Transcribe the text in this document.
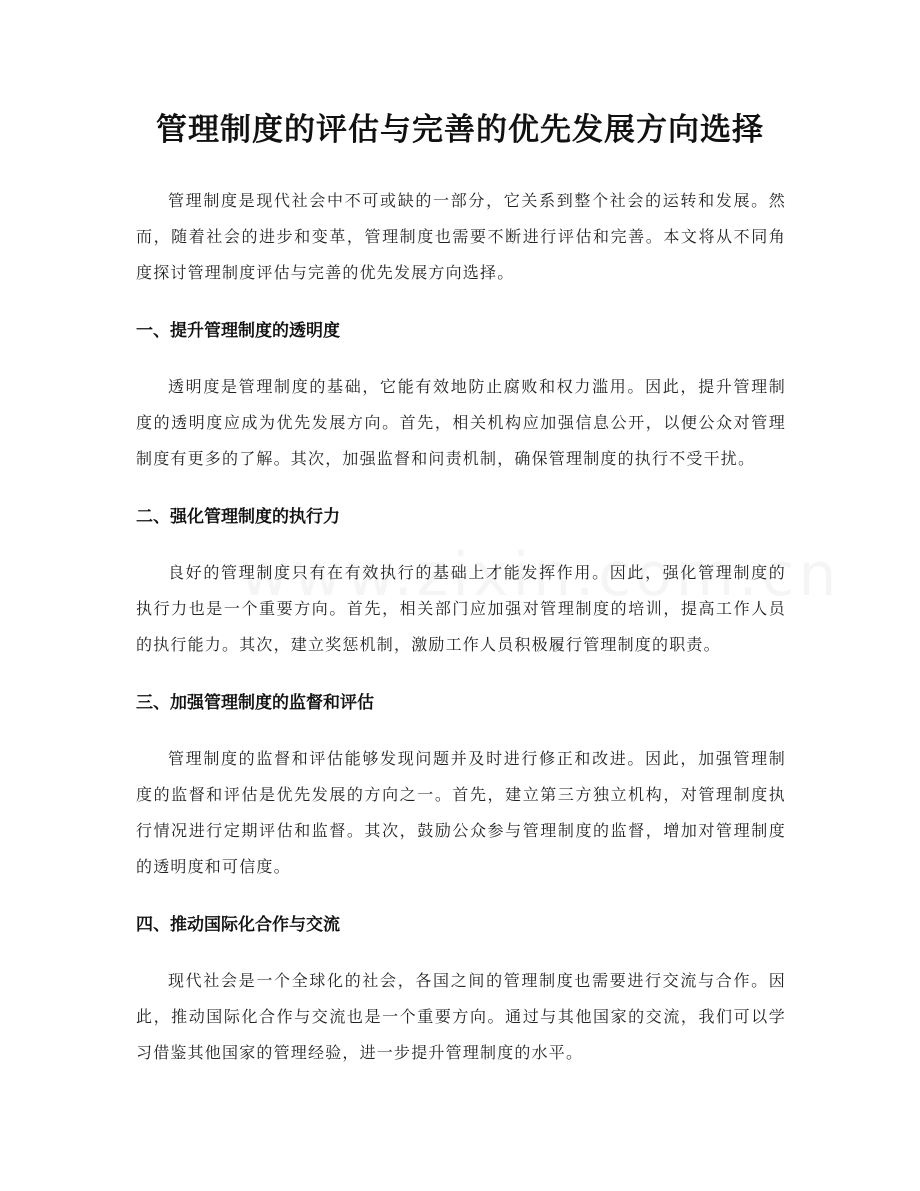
管理制度的评估与完善的优先发展方向选择

管理制度是现代社会中不可或缺的一部分，它关系到整个社会的运转和发展。然而，随着社会的进步和变革，管理制度也需要不断进行评估和完善。本文将从不同角度探讨管理制度评估与完善的优先发展方向选择。

一、提升管理制度的透明度

透明度是管理制度的基础，它能有效地防止腐败和权力滥用。因此，提升管理制度的透明度应成为优先发展方向。首先，相关机构应加强信息公开，以便公众对管理制度有更多的了解。其次，加强监督和问责机制，确保管理制度的执行不受干扰。

二、强化管理制度的执行力

良好的管理制度只有在有效执行的基础上才能发挥作用。因此，强化管理制度的执行力也是一个重要方向。首先，相关部门应加强对管理制度的培训，提高工作人员的执行能力。其次，建立奖惩机制，激励工作人员积极履行管理制度的职责。

三、加强管理制度的监督和评估

管理制度的监督和评估能够发现问题并及时进行修正和改进。因此，加强管理制度的监督和评估是优先发展的方向之一。首先，建立第三方独立机构，对管理制度执行情况进行定期评估和监督。其次，鼓励公众参与管理制度的监督，增加对管理制度的透明度和可信度。

四、推动国际化合作与交流

现代社会是一个全球化的社会，各国之间的管理制度也需要进行交流与合作。因此，推动国际化合作与交流也是一个重要方向。通过与其他国家的交流，我们可以学习借鉴其他国家的管理经验，进一步提升管理制度的水平。
